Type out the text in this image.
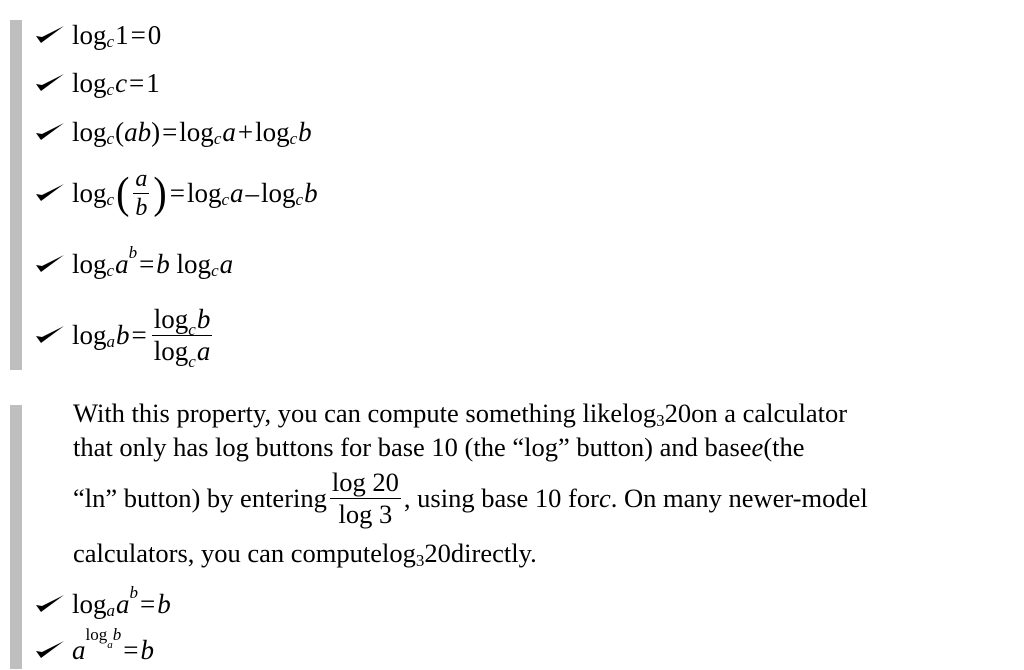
$\log_c 1 = 0$
$\log_c c = 1$
$\log_c$ ( ab ) = $\log_c a + \log_c b$
$\log_c$ ( $\frac{a}{b}$ ) = $\log_c a - \log_c b$
$\log_c a^b = b$
$\log_c a$
$\log_a b = \frac{\log_cb}{\log_ca}$
With this property, you can compute something like $\log_3 20$ on a calculator
that only has log buttons for base 10 (the “log” button) and base e (the
“ln” button) by entering $\frac{\log 20}{\log 3}$ , using base 10 for c . On many newer-model
calculators, you can compute $\log_3 20$ directly.
$\log_a a^b = b$
a
$^{log_ab}$
= b
